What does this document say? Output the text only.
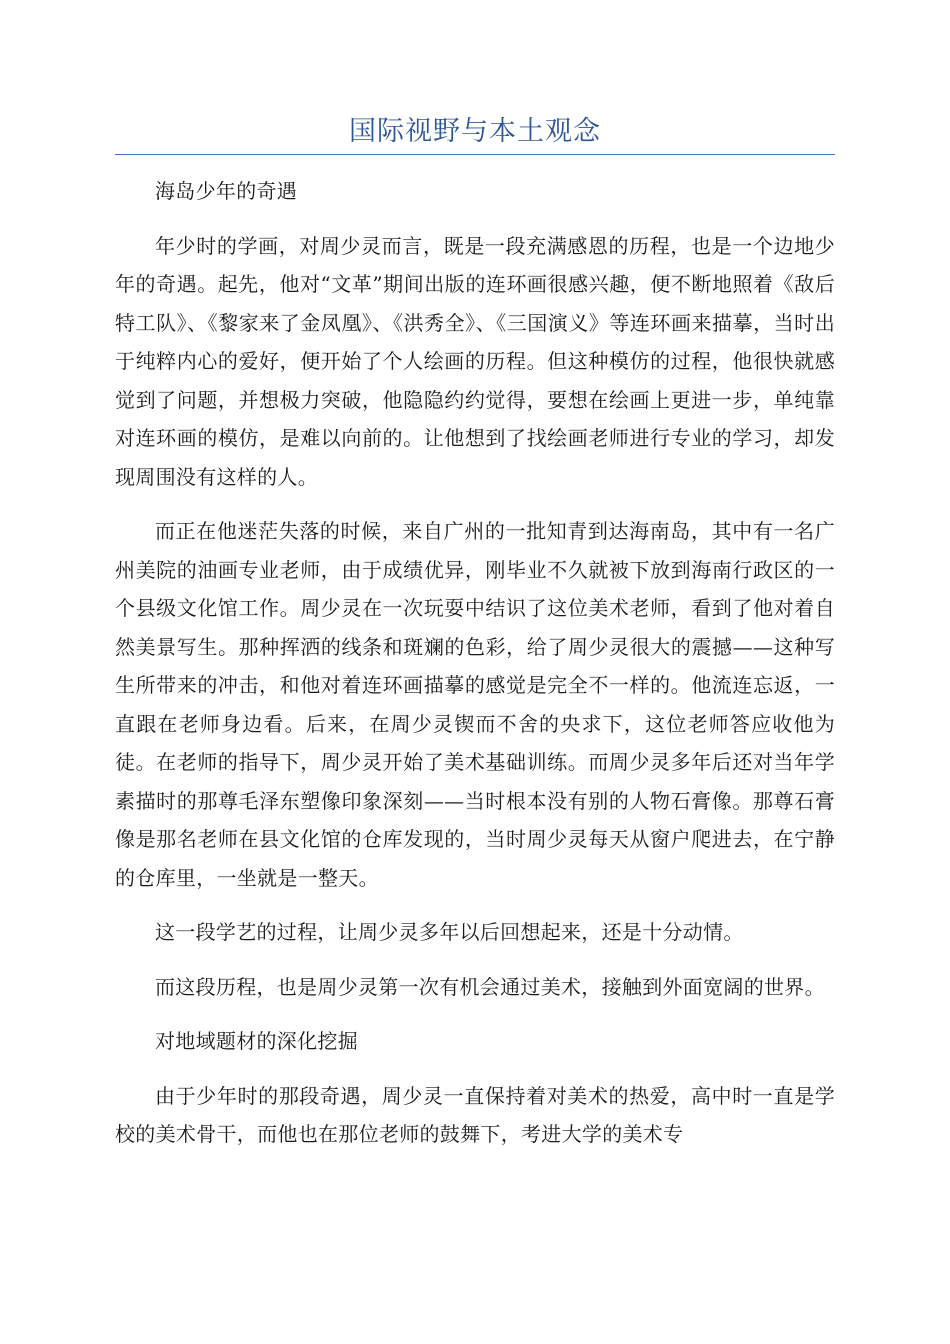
国际视野与本土观念

海岛少年的奇遇

年少时的学画，对周少灵而言，既是一段充满感恩的历程，也是一个边地少年的奇遇。起先，他对“文革”期间出版的连环画很感兴趣，便不断地照着《敌后特工队》、《黎家来了金凤凰》、《洪秀全》、《三国演义》等连环画来描摹，当时出于纯粹内心的爱好，便开始了个人绘画的历程。但这种模仿的过程，他很快就感觉到了问题，并想极力突破，他隐隐约约觉得，要想在绘画上更进一步，单纯靠对连环画的模仿，是难以向前的。让他想到了找绘画老师进行专业的学习，却发现周围没有这样的人。

而正在他迷茫失落的时候，来自广州的一批知青到达海南岛，其中有一名广州美院的油画专业老师，由于成绩优异，刚毕业不久就被下放到海南行政区的一个县级文化馆工作。周少灵在一次玩耍中结识了这位美术老师，看到了他对着自然美景写生。那种挥洒的线条和斑斓的色彩，给了周少灵很大的震撼——这种写生所带来的冲击，和他对着连环画描摹的感觉是完全不一样的。他流连忘返，一直跟在老师身边看。后来，在周少灵锲而不舍的央求下，这位老师答应收他为徒。在老师的指导下，周少灵开始了美术基础训练。而周少灵多年后还对当年学素描时的那尊毛泽东塑像印象深刻——当时根本没有别的人物石膏像。那尊石膏像是那名老师在县文化馆的仓库发现的，当时周少灵每天从窗户爬进去，在宁静的仓库里，一坐就是一整天。

这一段学艺的过程，让周少灵多年以后回想起来，还是十分动情。

而这段历程，也是周少灵第一次有机会通过美术，接触到外面宽阔的世界。

对地域题材的深化挖掘

由于少年时的那段奇遇，周少灵一直保持着对美术的热爱，高中时一直是学校的美术骨干，而他也在那位老师的鼓舞下，考进大学的美术专
